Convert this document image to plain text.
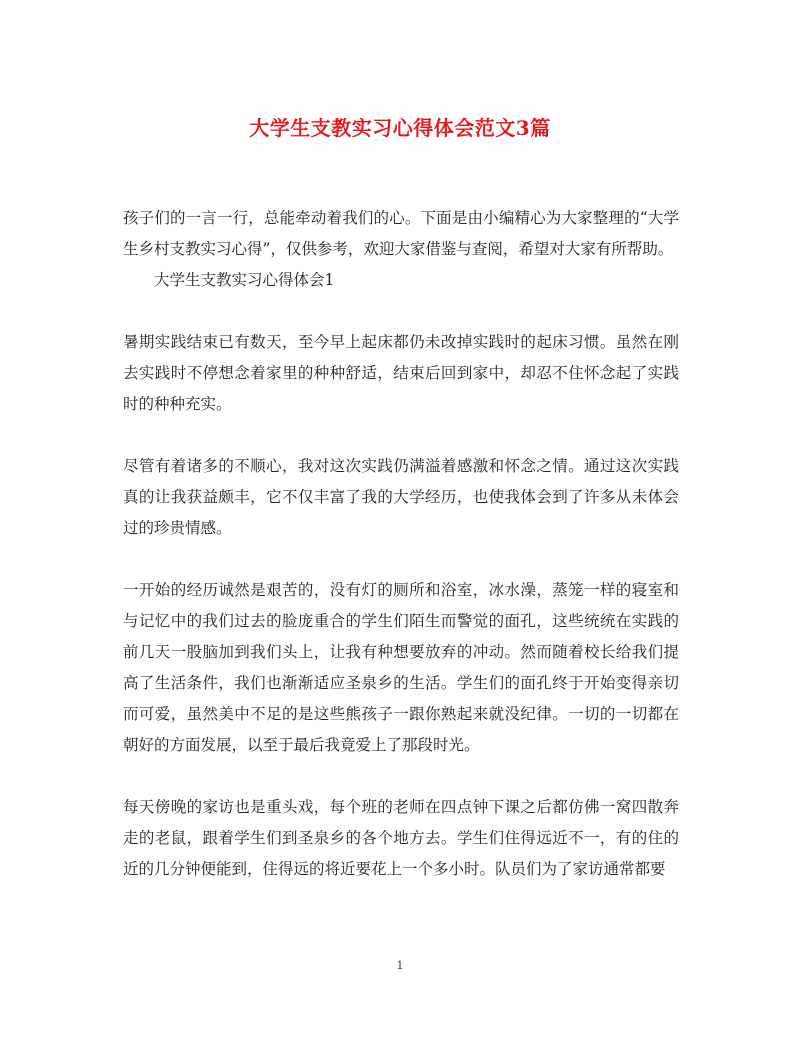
大学生支教实习心得体会范文3篇

孩子们的一言一行，总能牵动着我们的心。下面是由小编精心为大家整理的“大学生乡村支教实习心得”，仅供参考，欢迎大家借鉴与查阅，希望对大家有所帮助。

大学生支教实习心得体会1

暑期实践结束已有数天，至今早上起床都仍未改掉实践时的起床习惯。虽然在刚去实践时不停想念着家里的种种舒适，结束后回到家中，却忍不住怀念起了实践时的种种充实。

尽管有着诸多的不顺心，我对这次实践仍满溢着感激和怀念之情。通过这次实践真的让我获益颇丰，它不仅丰富了我的大学经历，也使我体会到了许多从未体会过的珍贵情感。

一开始的经历诚然是艰苦的，没有灯的厕所和浴室，冰水澡，蒸笼一样的寝室和与记忆中的我们过去的脸庞重合的学生们陌生而警觉的面孔，这些统统在实践的前几天一股脑加到我们头上，让我有种想要放弃的冲动。然而随着校长给我们提高了生活条件，我们也渐渐适应圣泉乡的生活。学生们的面孔终于开始变得亲切而可爱，虽然美中不足的是这些熊孩子一跟你熟起来就没纪律。一切的一切都在朝好的方面发展，以至于最后我竟爱上了那段时光。

每天傍晚的家访也是重头戏，每个班的老师在四点钟下课之后都仿佛一窝四散奔走的老鼠，跟着学生们到圣泉乡的各个地方去。学生们住得远近不一，有的住的近的几分钟便能到，住得远的将近要花上一个多小时。队员们为了家访通常都要

1
